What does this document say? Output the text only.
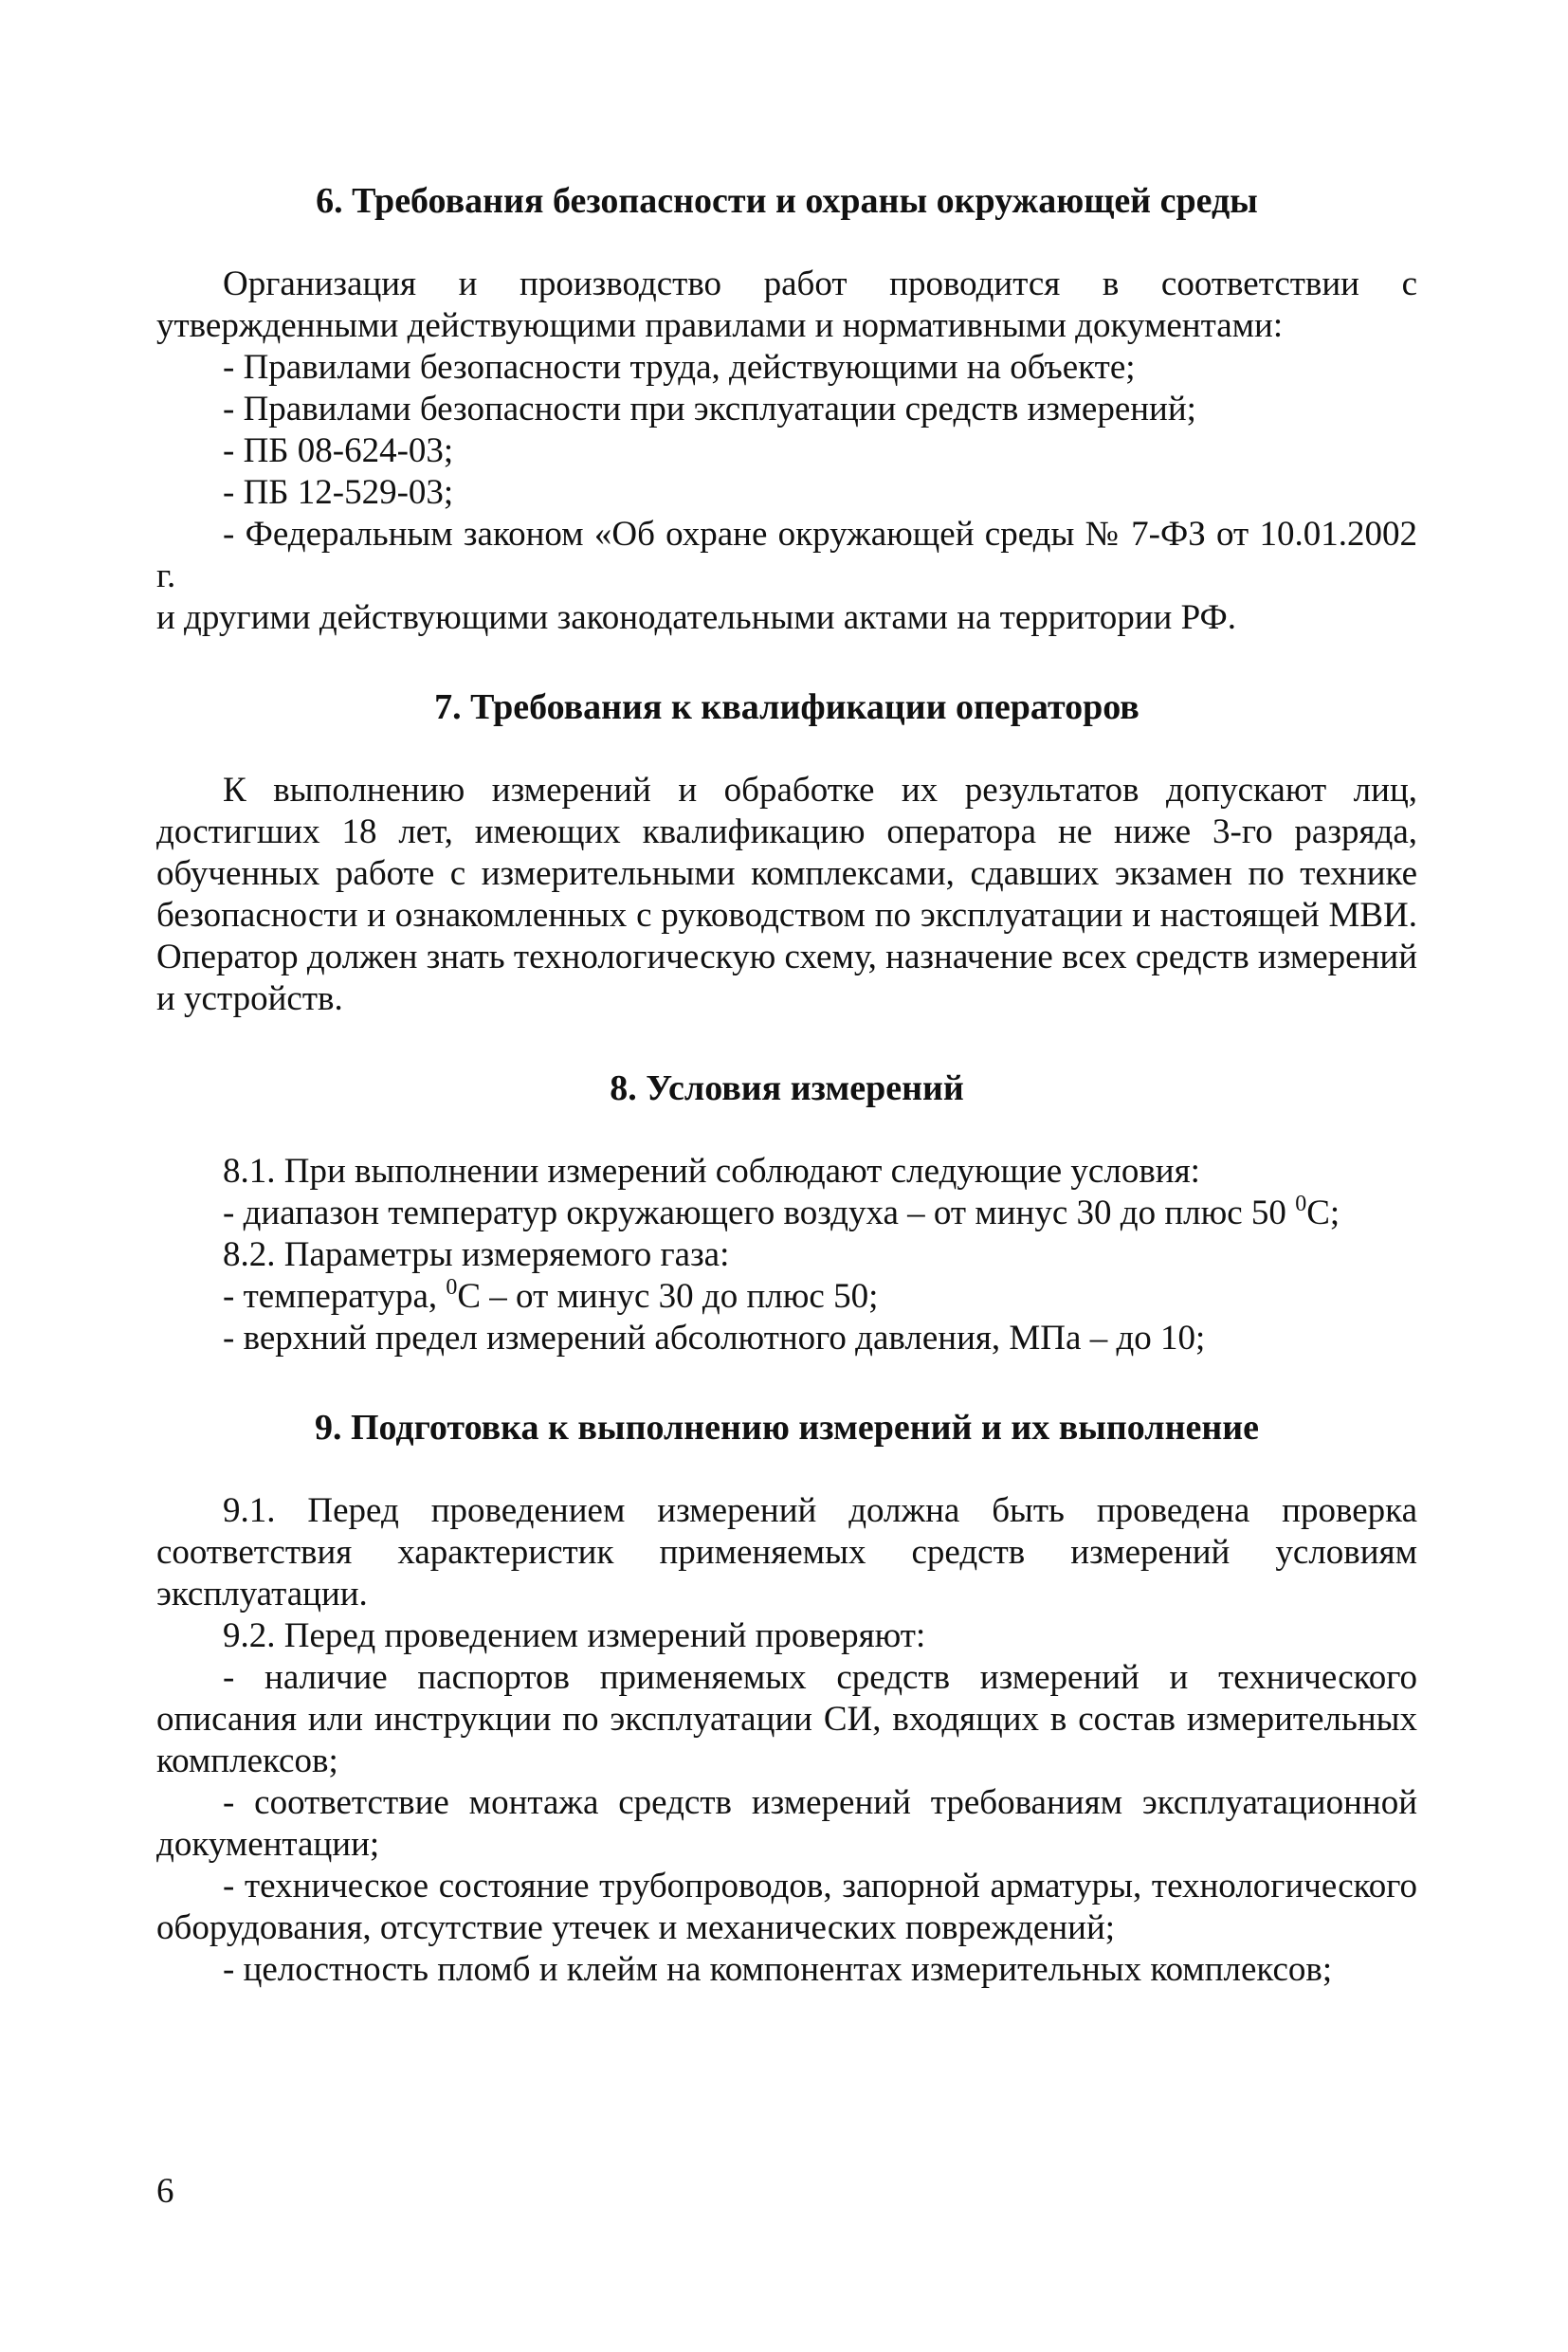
6. Требования безопасности и охраны окружающей среды

Организация и производство работ проводится в соответствии с утвержденными действующими правилами и нормативными документами:

- Правилами безопасности труда, действующими на объекте;

- Правилами безопасности при эксплуатации средств измерений;

- ПБ 08-624-03;

- ПБ 12-529-03;

- Федеральным законом «Об охране окружающей среды № 7-ФЗ от 10.01.2002 г.

и другими действующими законодательными актами на территории РФ.

7. Требования к квалификации операторов

К выполнению измерений и обработке их результатов допускают лиц, достигших 18 лет, имеющих квалификацию оператора не ниже 3-го разряда, обученных работе с измерительными комплексами, сдавших экзамен по технике безопасности и ознакомленных с руководством по эксплуатации и настоящей МВИ. Оператор должен знать технологическую схему, назначение всех средств измерений и устройств.

8. Условия измерений

8.1. При выполнении измерений соблюдают следующие условия:

- диапазон температур окружающего воздуха – от минус 30 до плюс 50 $^0$С;

8.2. Параметры измеряемого газа:

- температура, $^0$С – от минус 30 до плюс 50;

- верхний предел измерений абсолютного давления, МПа – до 10;

9. Подготовка к выполнению измерений и их выполнение

9.1. Перед проведением измерений должна быть проведена проверка соответствия характеристик применяемых средств измерений условиям эксплуатации.

9.2. Перед проведением измерений проверяют:

- наличие паспортов применяемых средств измерений и технического описания или инструкции по эксплуатации СИ, входящих в состав измерительных комплексов;

- соответствие монтажа средств измерений требованиям эксплуатационной документации;

- техническое состояние трубопроводов, запорной арматуры, технологического оборудования, отсутствие утечек и механических повреждений;

- целостность пломб и клейм на компонентах измерительных комплексов;

6
